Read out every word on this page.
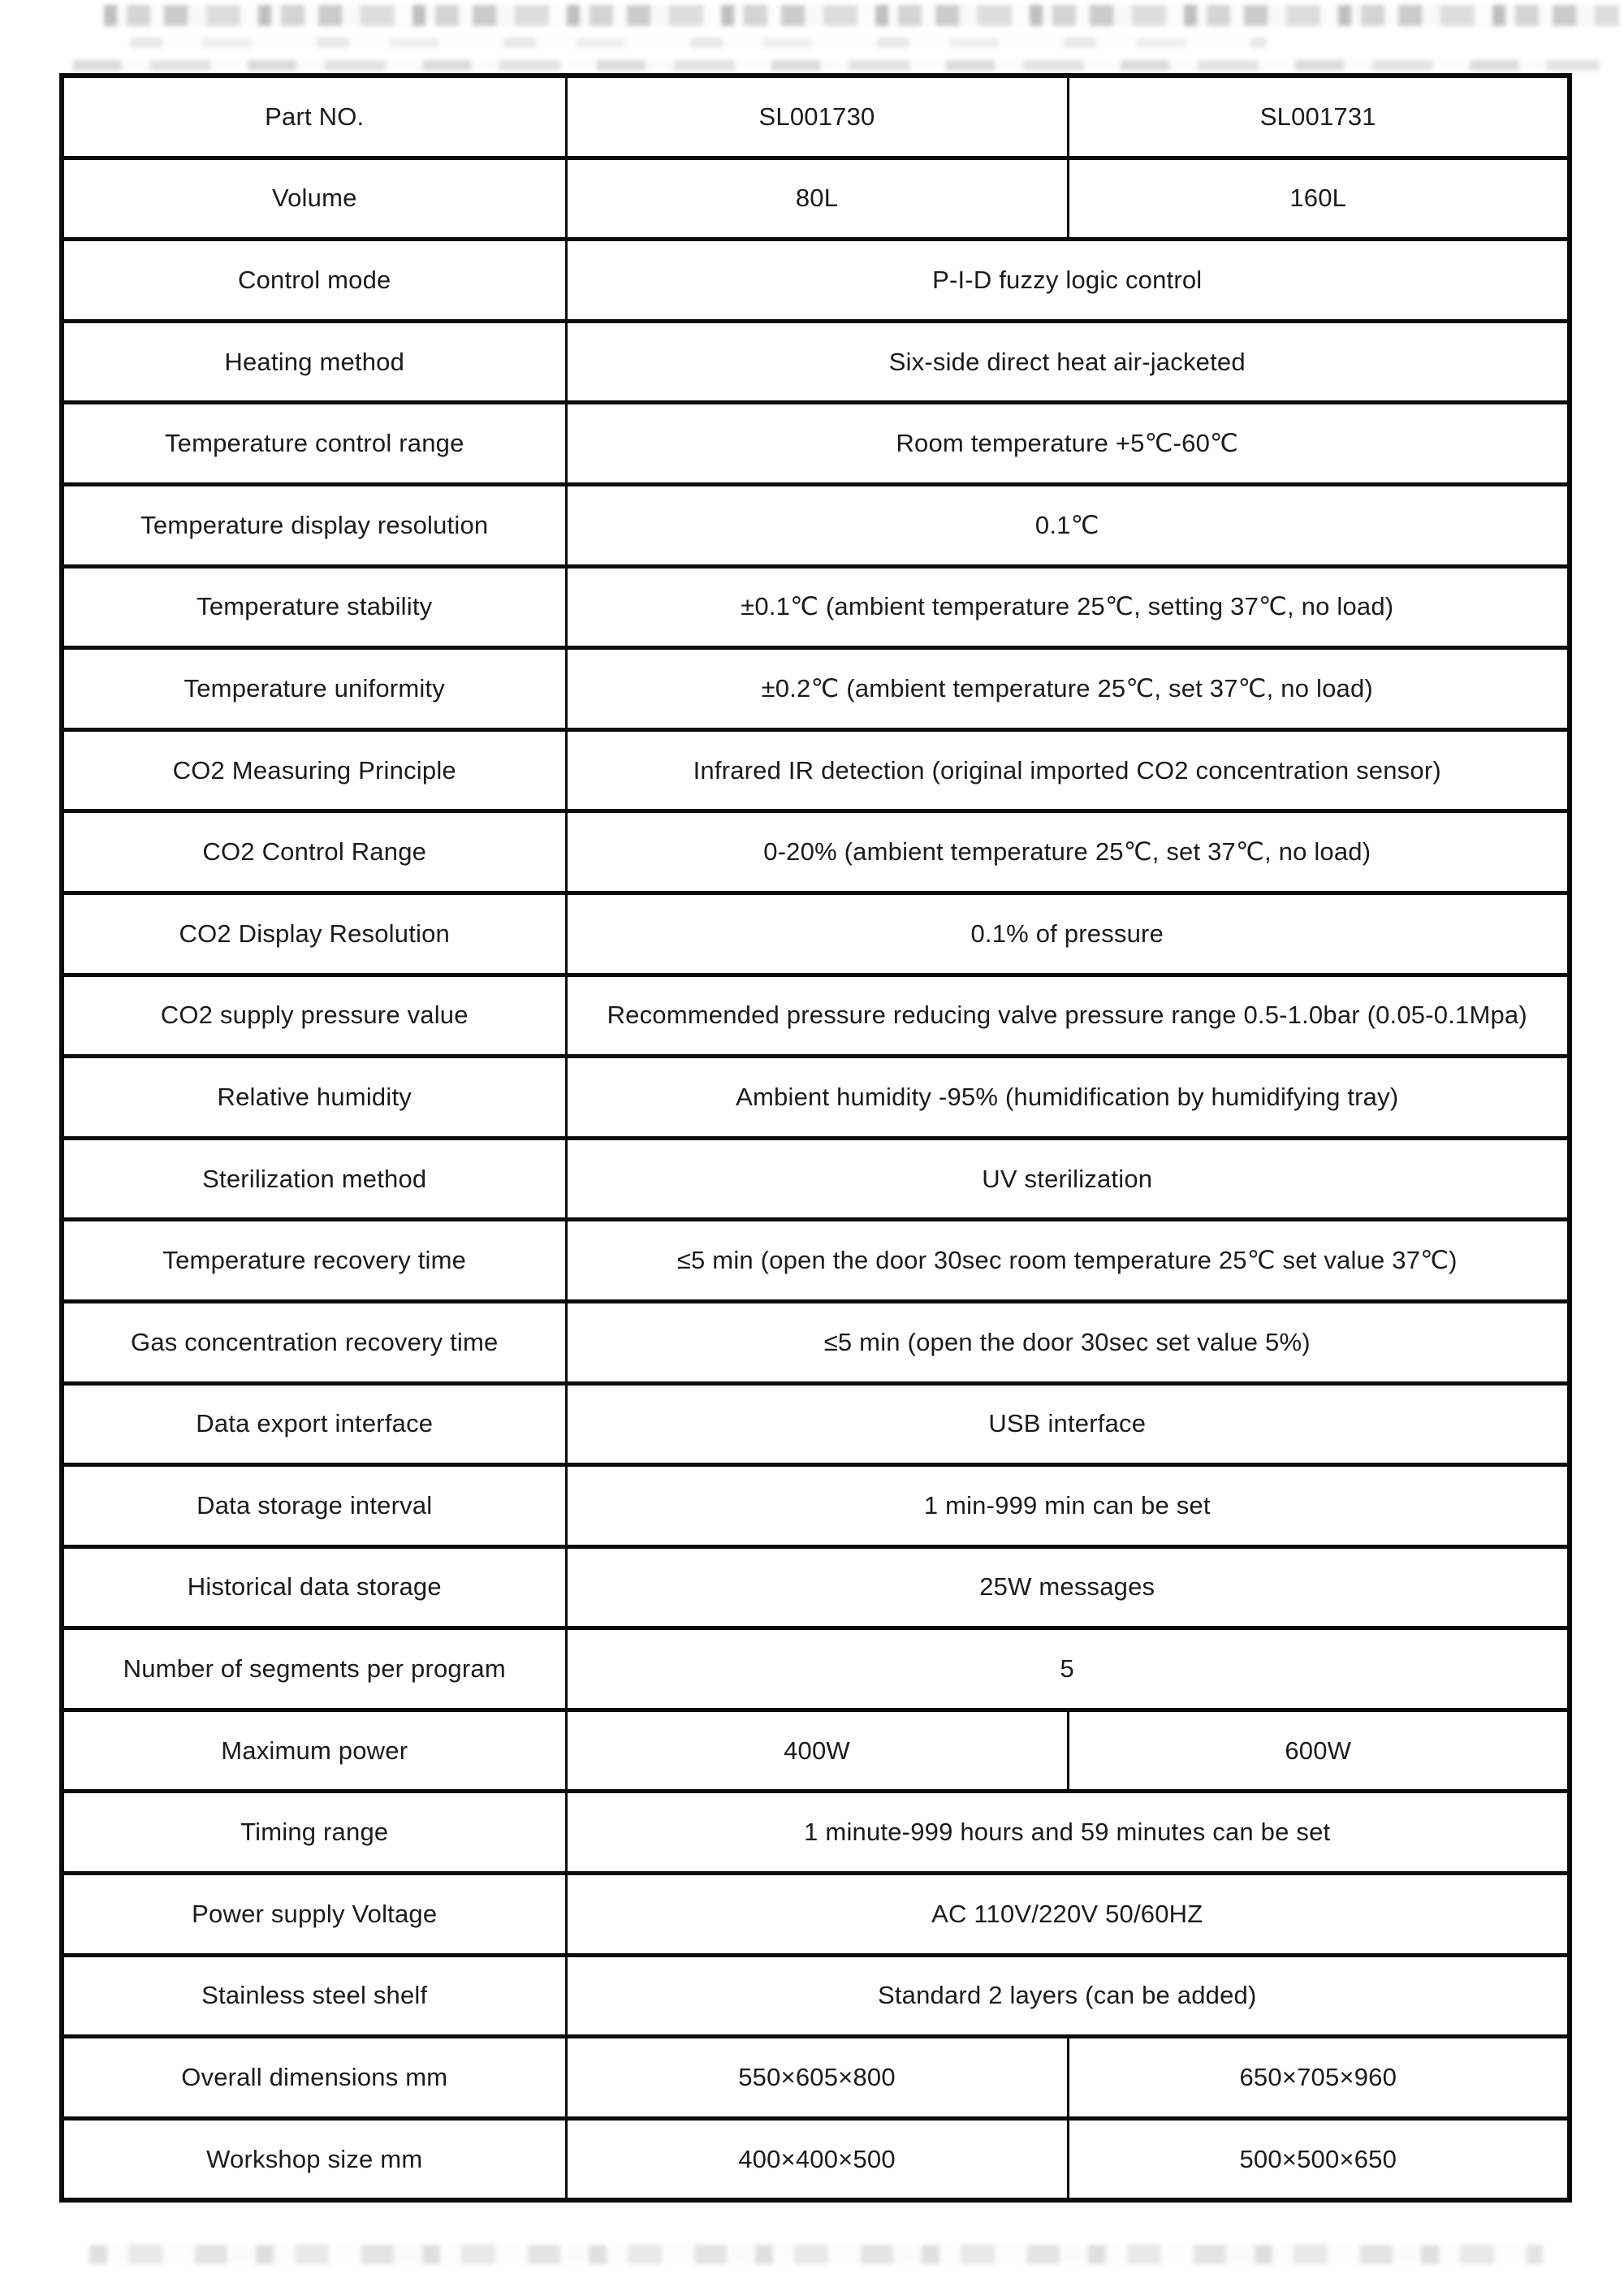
Part NO.	SL001730	SL001731
Volume	80L	160L
Control mode	P-I-D fuzzy logic control	
Heating method	Six-side direct heat air-jacketed	
Temperature control range	Room temperature +5℃-60℃	
Temperature display resolution	0.1℃	
Temperature stability	±0.1℃ (ambient temperature 25℃, setting 37℃, no load)	
Temperature uniformity	±0.2℃ (ambient temperature 25℃, set 37℃, no load)	
CO2 Measuring Principle	Infrared IR detection (original imported CO2 concentration sensor)	
CO2 Control Range	0-20% (ambient temperature 25℃, set 37℃, no load)	
CO2 Display Resolution	0.1% of pressure	
CO2 supply pressure value	Recommended pressure reducing valve pressure range 0.5-1.0bar (0.05-0.1Mpa)	
Relative humidity	Ambient humidity -95% (humidification by humidifying tray)	
Sterilization method	UV sterilization	
Temperature recovery time	≤5 min (open the door 30sec room temperature 25℃ set value 37℃)	
Gas concentration recovery time	≤5 min (open the door 30sec set value 5%)	
Data export interface	USB interface	
Data storage interval	1 min-999 min can be set	
Historical data storage	25W messages	
Number of segments per program	5	
Maximum power	400W	600W
Timing range	1 minute-999 hours and 59 minutes can be set	
Power supply Voltage	AC 110V/220V 50/60HZ	
Stainless steel shelf	Standard 2 layers (can be added)	
Overall dimensions mm	550×605×800	650×705×960
Workshop size mm	400×400×500	500×500×650
